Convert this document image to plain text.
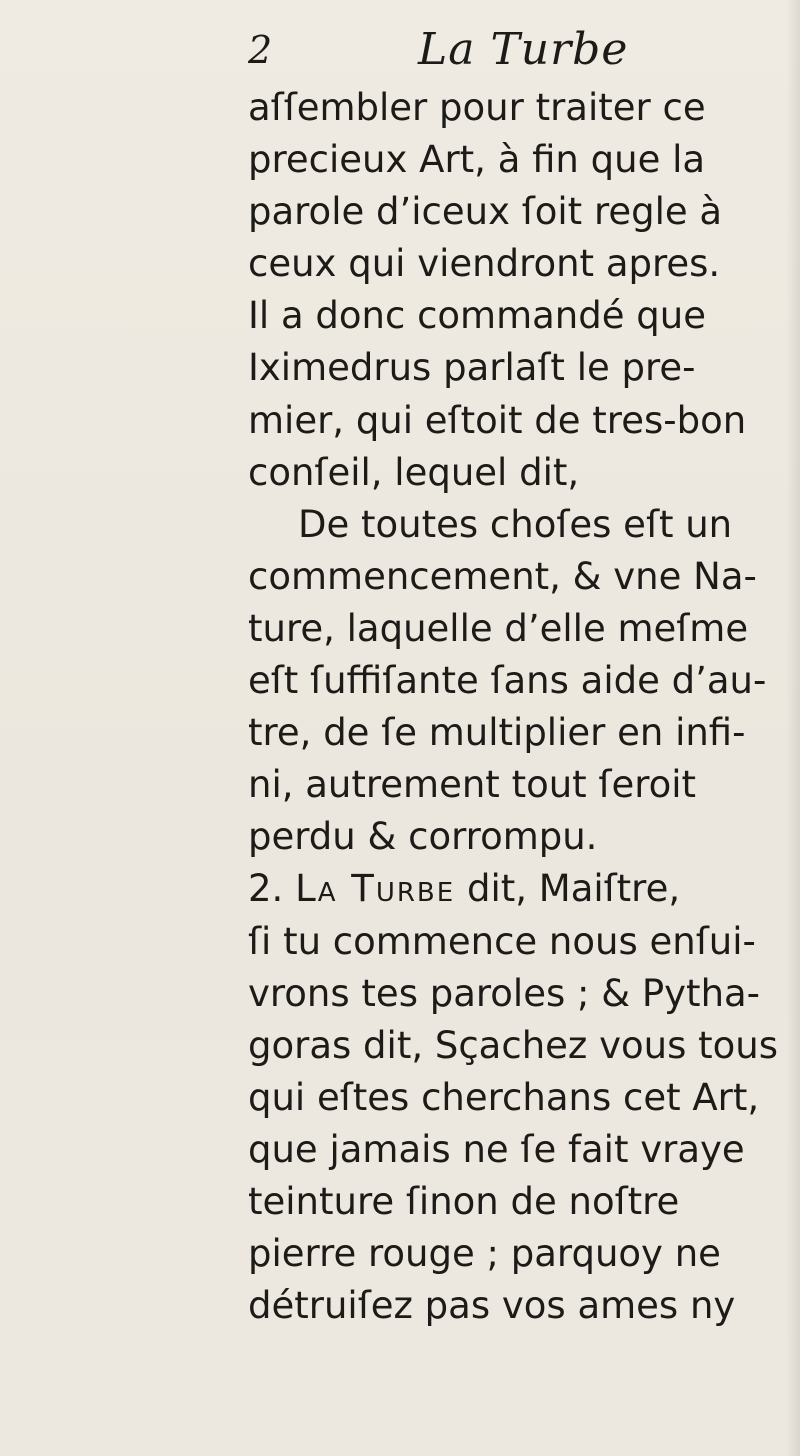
2	La Turbe
aſſembler pour traiter ce
precieux Art, à fin que la
parole d’iceux ſoit regle à
ceux qui viendront apres.
Il a donc commandé que
Iximedrus parlaſt le pre-
mier, qui eſtoit de tres-bon
conſeil, lequel dit,
De toutes choſes eſt un
commencement, & vne Na-
ture, laquelle d’elle meſme
eſt ſuffiſante ſans aide d’au-
tre, de ſe multiplier en infi-
ni, autrement tout ſeroit
perdu & corrompu.
2. La Turbe dit, Maiſtre,
ſi tu commence nous enſui-
vrons tes paroles ; & Pytha-
goras dit, Sçachez vous tous
qui eſtes cherchans cet Art,
que jamais ne ſe fait vraye
teinture ſinon de noſtre
pierre rouge ; parquoy ne
détruiſez pas vos ames ny
